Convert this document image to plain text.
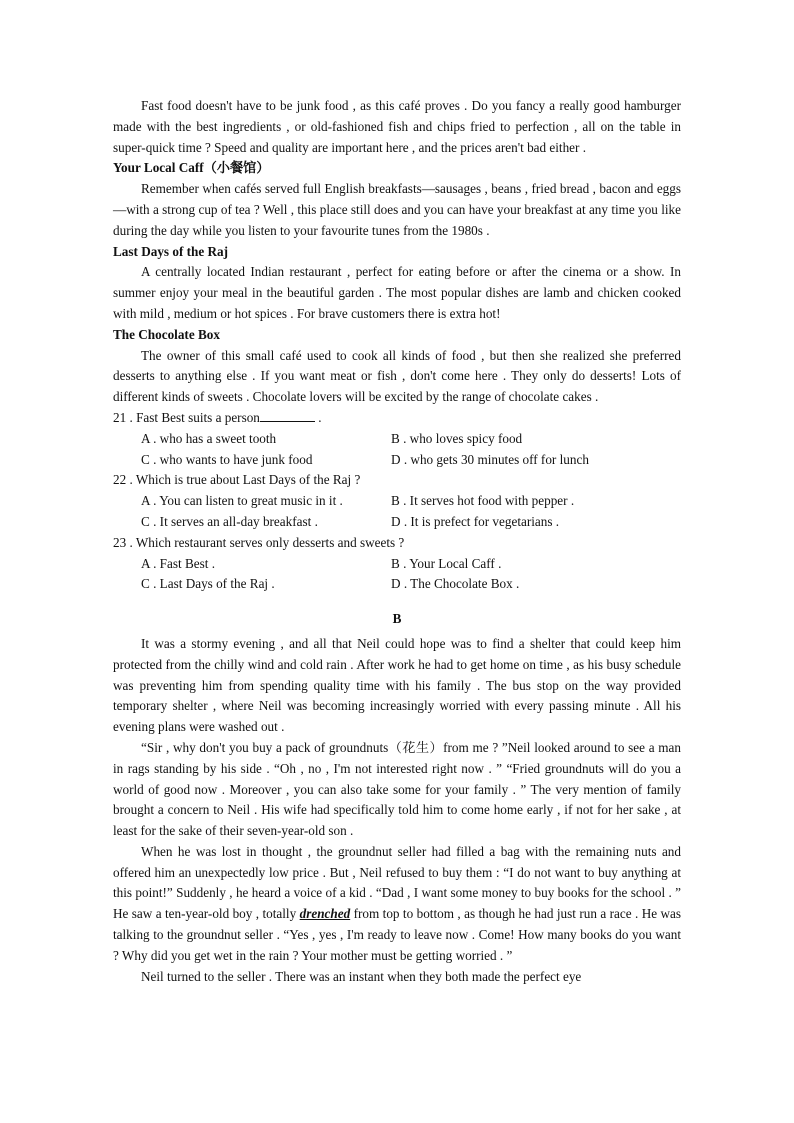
Fast food doesn't have to be junk food , as this café proves . Do you fancy a really good hamburger made with the best ingredients , or old-fashioned fish and chips fried to perfection , all on the table in super-quick time ? Speed and quality are important here , and the prices aren't bad either .

Your Local Caff（小餐馆）

Remember when cafés served full English breakfasts—sausages , beans , fried bread , bacon and eggs—with a strong cup of tea ? Well , this place still does and you can have your breakfast at any time you like during the day while you listen to your favourite tunes from the 1980s .

Last Days of the Raj

A centrally located Indian restaurant , perfect for eating before or after the cinema or a show. In summer enjoy your meal in the beautiful garden . The most popular dishes are lamb and chicken cooked with mild , medium or hot spices . For brave customers there is extra hot!

The Chocolate Box

The owner of this small café used to cook all kinds of food , but then she realized she preferred desserts to anything else . If you want meat or fish , don't come here . They only do desserts! Lots of different kinds of sweets . Chocolate lovers will be excited by the range of chocolate cakes .

21 . Fast Best suits a person	.

A . who has a sweet tooth	B . who loves spicy food
C . who wants to have junk food	D . who gets 30 minutes off for lunch

22 . Which is true about Last Days of the Raj ?

A . You can listen to great music in it .	B . It serves hot food with pepper .
C . It serves an all-day breakfast .	D . It is prefect for vegetarians .

23 . Which restaurant serves only desserts and sweets ?

A . Fast Best .	B . Your Local Caff .
C . Last Days of the Raj .	D . The Chocolate Box .

B

It was a stormy evening , and all that Neil could hope was to find a shelter that could keep him protected from the chilly wind and cold rain . After work he had to get home on time , as his busy schedule was preventing him from spending quality time with his family . The bus stop on the way provided temporary shelter , where Neil was becoming increasingly worried with every passing minute . All his evening plans were washed out .

“Sir , why don't you buy a pack of groundnuts（花生）from me ? ”Neil looked around to see a man in rags standing by his side . “Oh , no , I'm not interested right now . ” “Fried groundnuts will do you a world of good now . Moreover , you can also take some for your family . ” The very mention of family brought a concern to Neil . His wife had specifically told him to come home early , if not for her sake , at least for the sake of their seven-year-old son .

When he was lost in thought , the groundnut seller had filled a bag with the remaining nuts and offered him an unexpectedly low price . But , Neil refused to buy them : “I do not want to buy anything at this point!” Suddenly , he heard a voice of a kid . “Dad , I want some money to buy books for the school . ” He saw a ten-year-old boy , totally drenched from top to bottom , as though he had just run a race . He was talking to the groundnut seller . “Yes , yes , I'm ready to leave now . Come! How many books do you want ? Why did you get wet in the rain ? Your mother must be getting worried . ”

Neil turned to the seller . There was an instant when they both made the perfect eye
